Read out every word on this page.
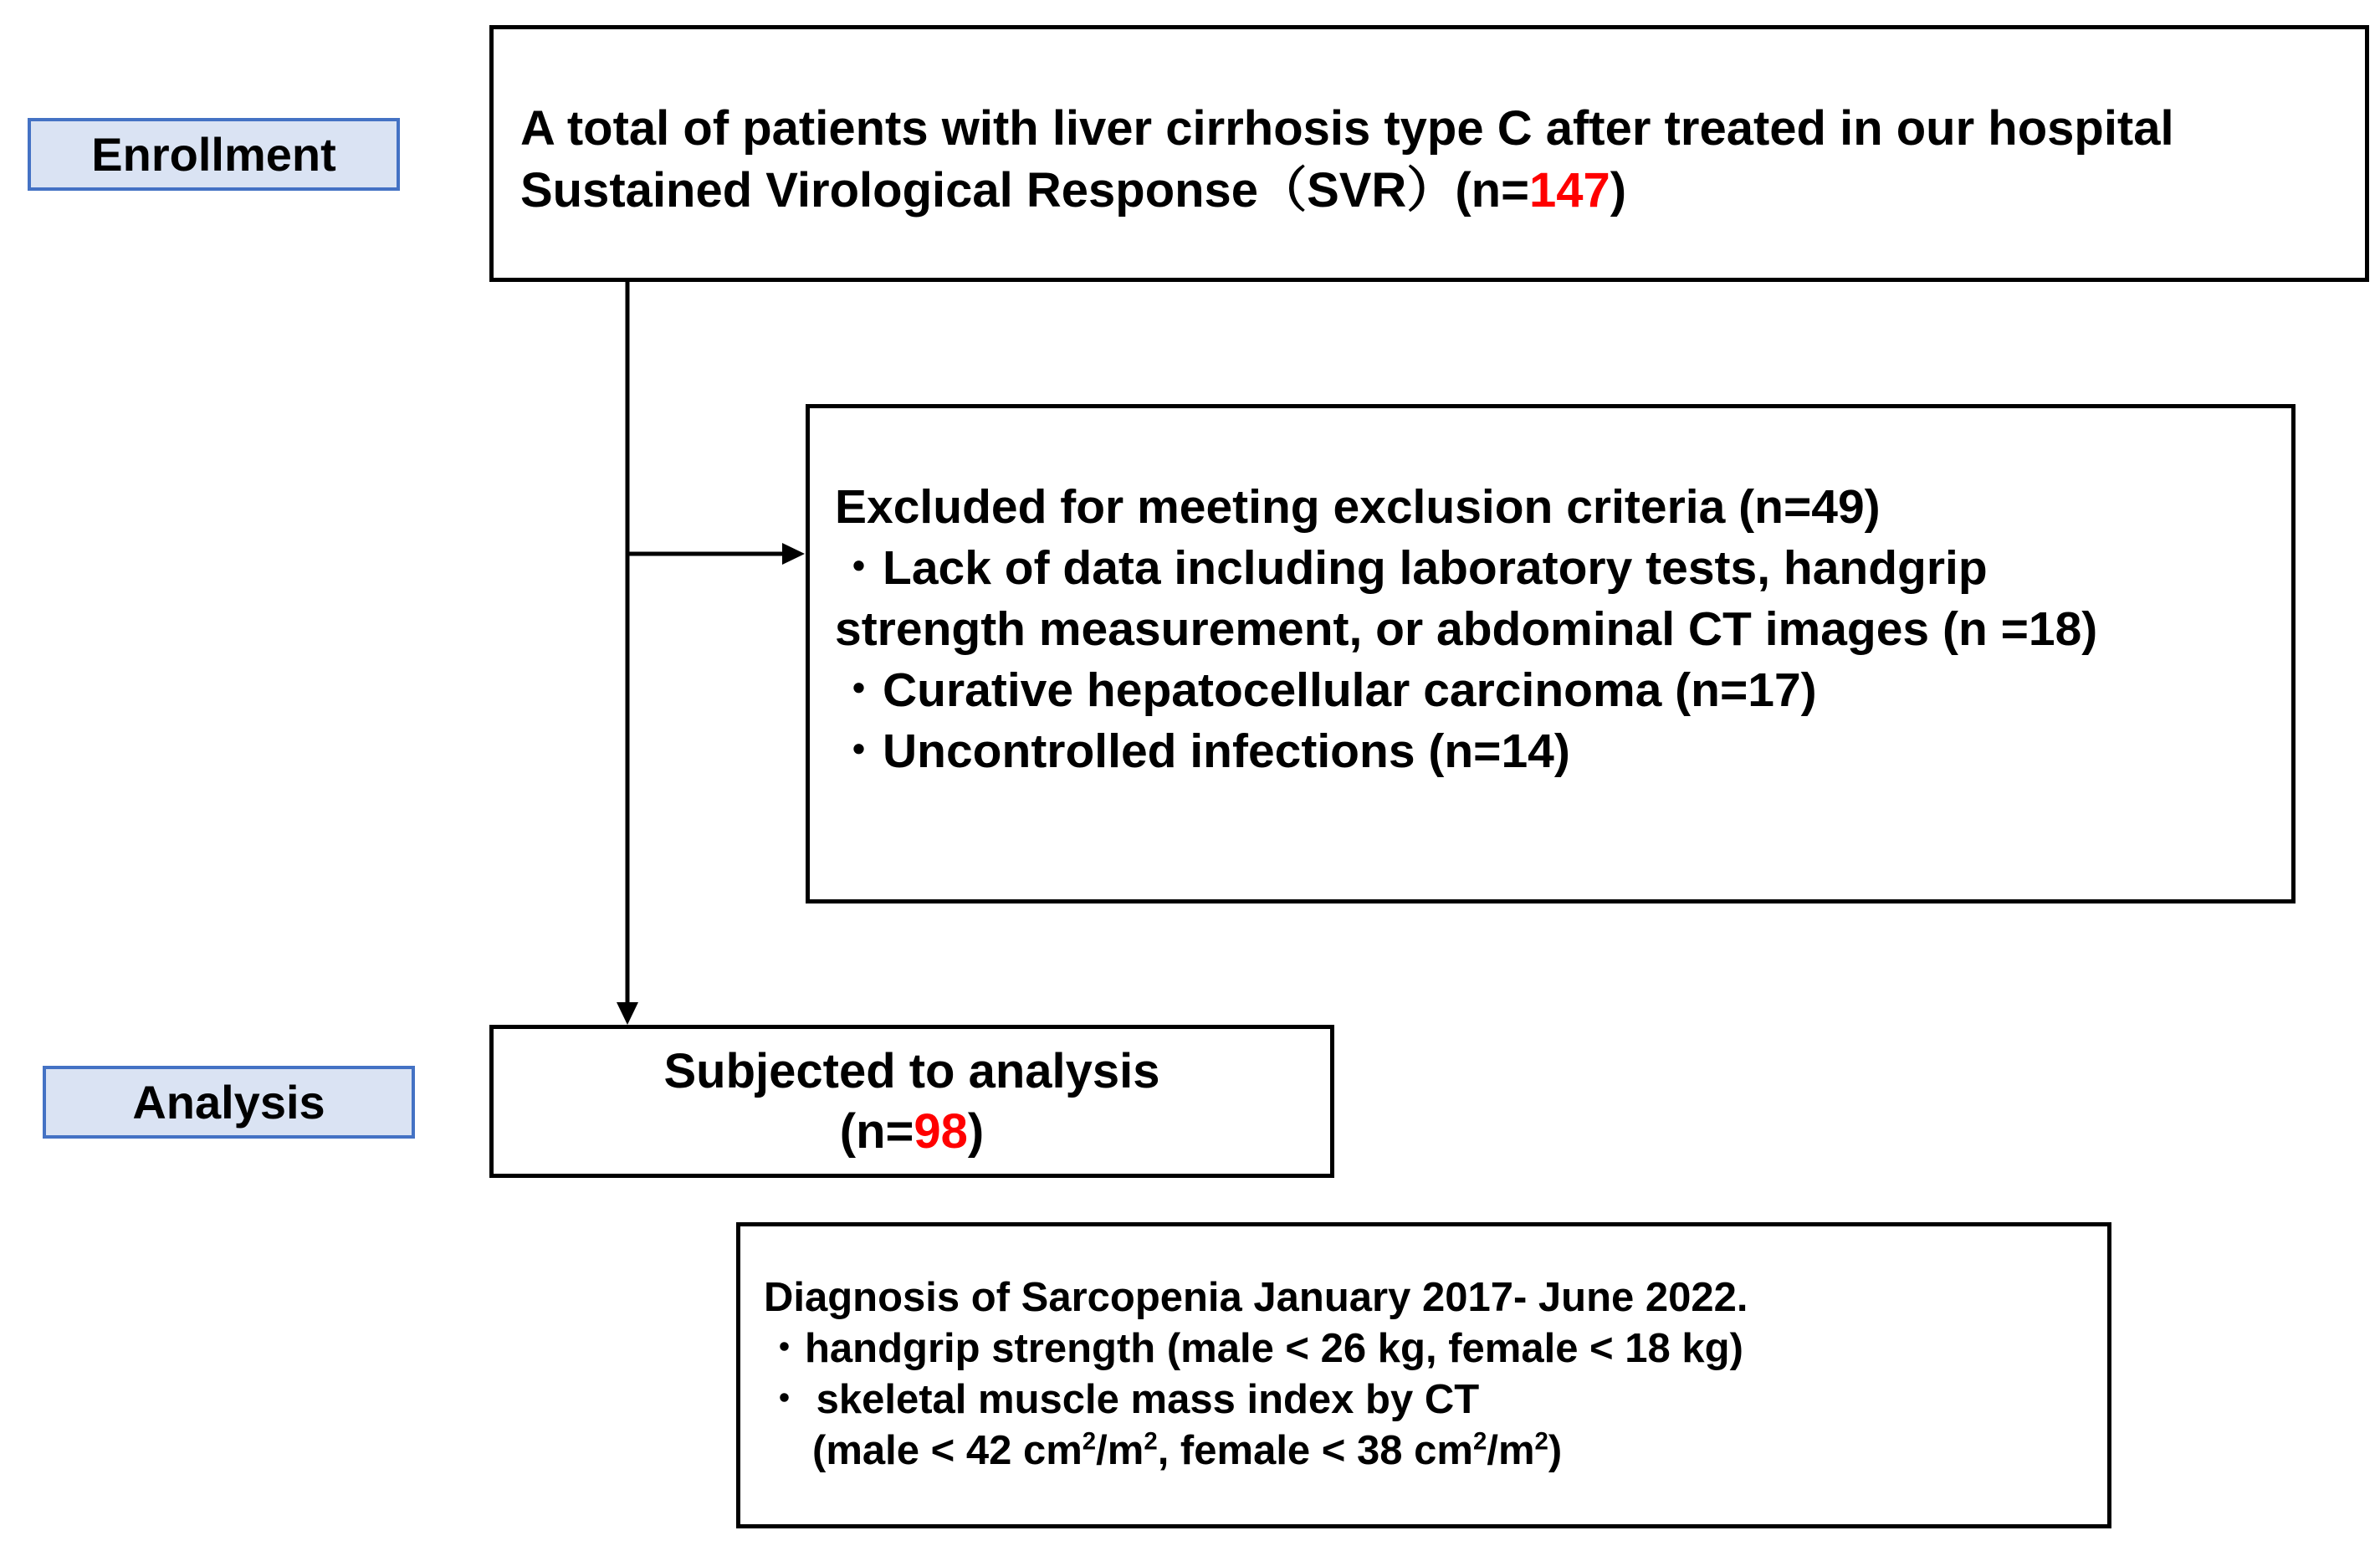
Enrollment
Analysis
A total of patients with liver cirrhosis type C after treated in our hospital
Sustained Virological Response（SVR）(n=147)
Excluded for meeting exclusion criteria (n=49)
・Lack of data including laboratory tests, handgrip
strength measurement, or abdominal CT images (n =18)
・Curative hepatocellular carcinoma (n=17)
・Uncontrolled infections (n=14)
Subjected to analysis
(n=98)
Diagnosis of Sarcopenia January 2017- June 2022.
・handgrip strength (male < 26 kg, female < 18 kg)
・ skeletal muscle mass index by CT
(male < 42 $cm^2/m^2$, female < 38 $cm^2/m^2$)
